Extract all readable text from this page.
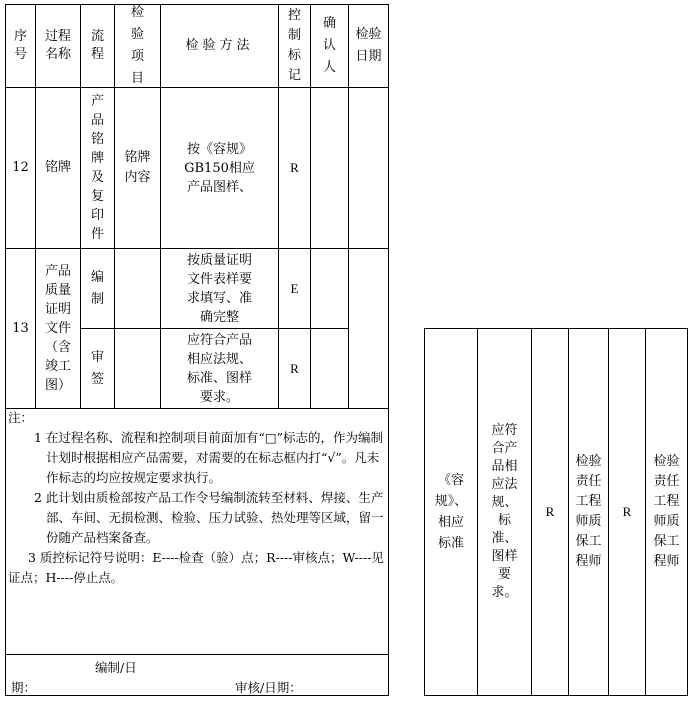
序号
过程名称
流程
检验项目
检验方法
控制标记
确认人
检验日期
12	铭牌
产品铭牌及复印件
铭牌内容
按《容规》GB150相应产品图样、
R
13
产品质量证明文件（含竣工图）
编制
按质量证明文件表样要求填写、准确完整
E
审签
应符合产品相应法规、标准、图样要求。
R
编制/日
期：	审核/日期：
注：
1 在过程名称、流程和控制项目前面加有“□”标志的，作为编制计划时根据相应产品需要，对需要的在标志框内打“√”。凡未作标志的均应按规定要求执行。
2 此计划由质检部按产品工作令号编制流转至材料、焊接、生产部、车间、无损检测、检验、压力试验、热处理等区域，留一份随产品档案备查。
3 质控标记符号说明：E----检查（验）点；R----审核点；W----见证点；H----停止点。
《容规》、相应标准
应符合产品相应法规、标准、图样要求。
R
检验责任工程师质保工程师
R
检验责任工程师质保工程师
